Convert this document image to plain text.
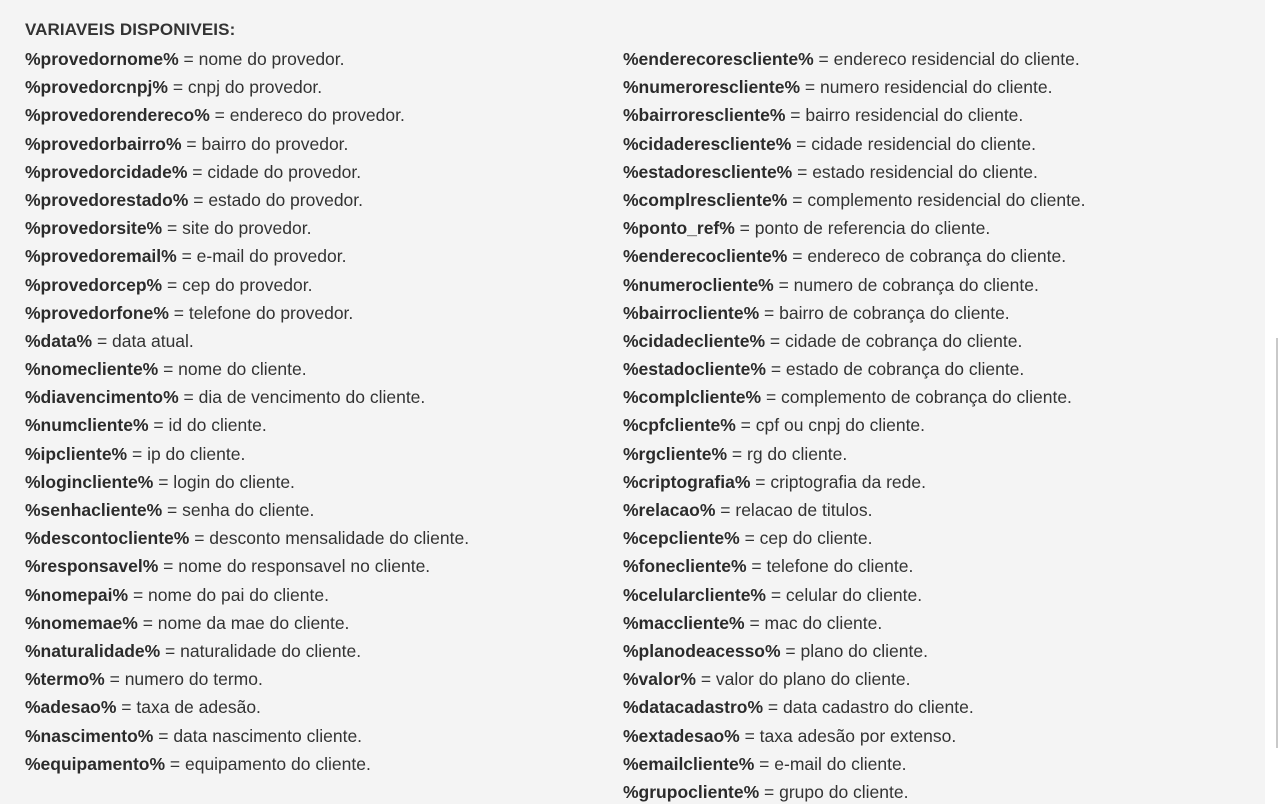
VARIAVEIS DISPONIVEIS:
%provedornome% = nome do provedor.
%provedorcnpj% = cnpj do provedor.
%provedorendereco% = endereco do provedor.
%provedorbairro% = bairro do provedor.
%provedorcidade% = cidade do provedor.
%provedorestado% = estado do provedor.
%provedorsite% = site do provedor.
%provedoremail% = e-mail do provedor.
%provedorcep% = cep do provedor.
%provedorfone% = telefone do provedor.
%data% = data atual.
%nomecliente% = nome do cliente.
%diavencimento% = dia de vencimento do cliente.
%numcliente% = id do cliente.
%ipcliente% = ip do cliente.
%logincliente% = login do cliente.
%senhacliente% = senha do cliente.
%descontocliente% = desconto mensalidade do cliente.
%responsavel% = nome do responsavel no cliente.
%nomepai% = nome do pai do cliente.
%nomemae% = nome da mae do cliente.
%naturalidade% = naturalidade do cliente.
%termo% = numero do termo.
%adesao% = taxa de adesão.
%nascimento% = data nascimento cliente.
%equipamento% = equipamento do cliente.
%enderecorescliente% = endereco residencial do cliente.
%numerorescliente% = numero residencial do cliente.
%bairrorescliente% = bairro residencial do cliente.
%cidaderescliente% = cidade residencial do cliente.
%estadorescliente% = estado residencial do cliente.
%complrescliente% = complemento residencial do cliente.
%ponto_ref% = ponto de referencia do cliente.
%enderecocliente% = endereco de cobrança do cliente.
%numerocliente% = numero de cobrança do cliente.
%bairrocliente% = bairro de cobrança do cliente.
%cidadecliente% = cidade de cobrança do cliente.
%estadocliente% = estado de cobrança do cliente.
%complcliente% = complemento de cobrança do cliente.
%cpfcliente% = cpf ou cnpj do cliente.
%rgcliente% = rg do cliente.
%criptografia% = criptografia da rede.
%relacao% = relacao de titulos.
%cepcliente% = cep do cliente.
%fonecliente% = telefone do cliente.
%celularcliente% = celular do cliente.
%maccliente% = mac do cliente.
%planodeacesso% = plano do cliente.
%valor% = valor do plano do cliente.
%datacadastro% = data cadastro do cliente.
%extadesao% = taxa adesão por extenso.
%emailcliente% = e-mail do cliente.
%grupocliente% = grupo do cliente.
